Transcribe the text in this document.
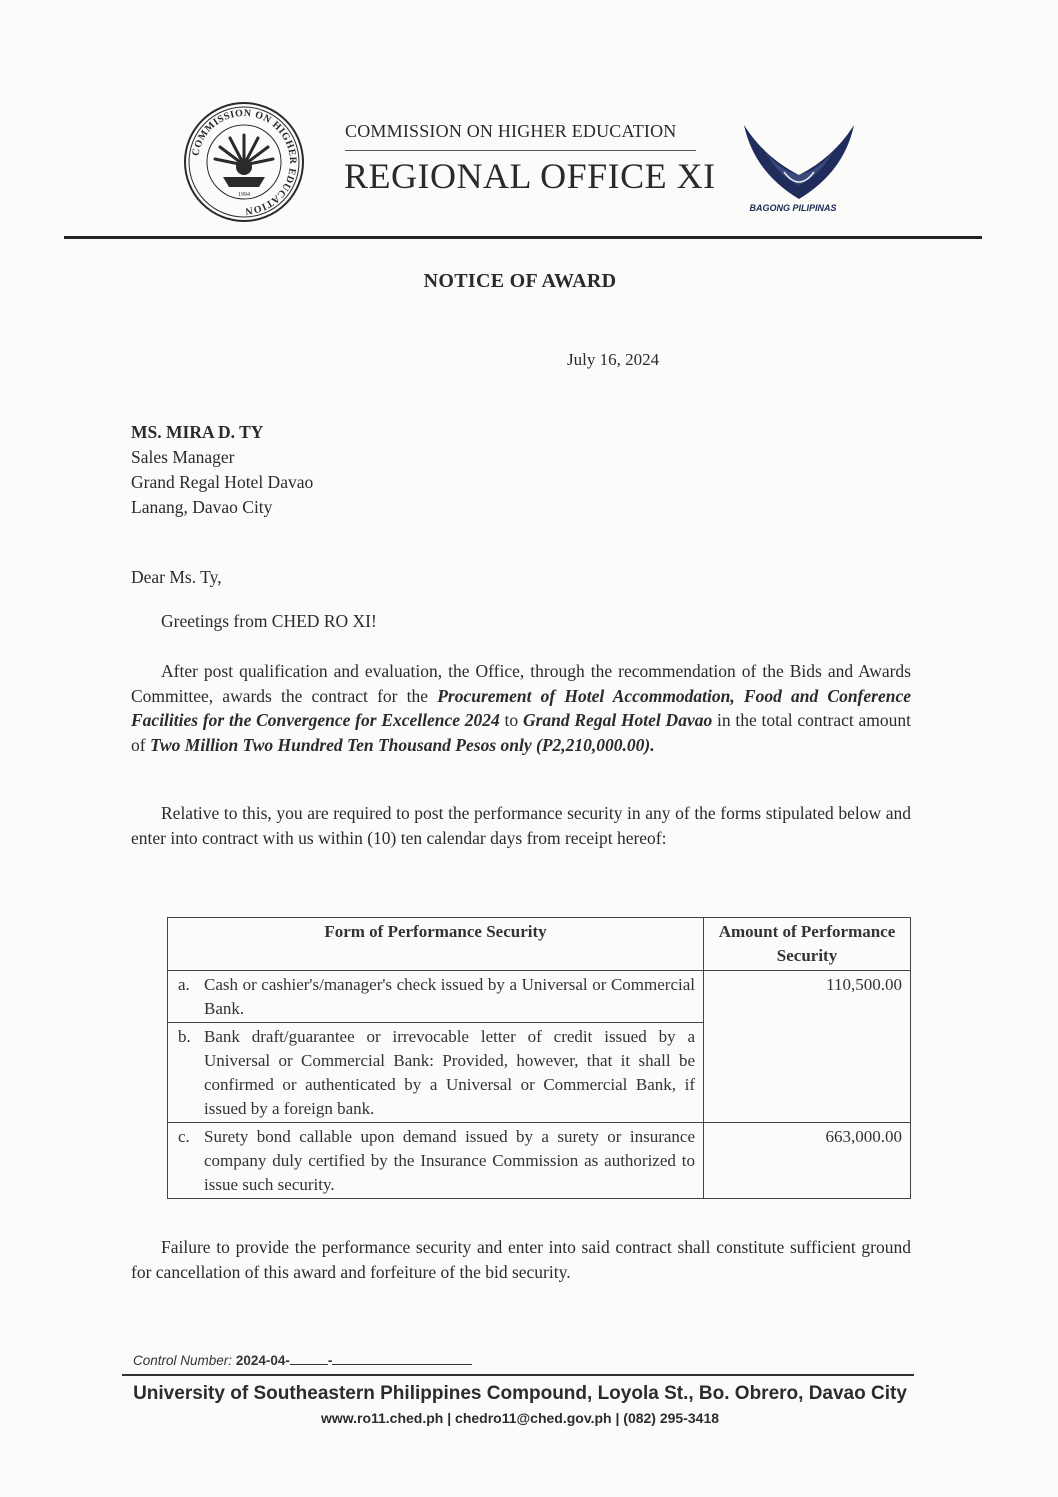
COMMISSION ON HIGHER EDUCATION
1994
COMMISSION ON HIGHER EDUCATION
REGIONAL OFFICE XI
BAGONG PILIPINAS
NOTICE OF AWARD
July 16, 2024
MS. MIRA D. TY
Sales Manager
Grand Regal Hotel Davao
Lanang, Davao City
Dear Ms. Ty,
Greetings from CHED RO XI!
After post qualification and evaluation, the Office, through the recommendation of the Bids and Awards Committee, awards the contract for the Procurement of Hotel Accommodation, Food and Conference Facilities for the Convergence for Excellence 2024 to Grand Regal Hotel Davao in the total contract amount of Two Million Two Hundred Ten Thousand Pesos only (P2,210,000.00).
Relative to this, you are required to post the performance security in any of the forms stipulated below and enter into contract with us within (10) ten calendar days from receipt hereof:
Form of Performance Security	Amount of Performance Security

a. Cash or cashier's/manager's check issued by a Universal or Commercial Bank.	110,500.00

b. Bank draft/guarantee or irrevocable letter of credit issued by a Universal or Commercial Bank: Provided, however, that it shall be confirmed or authenticated by a Universal or Commercial Bank, if issued by a foreign bank.	

c. Surety bond callable upon demand issued by a surety or insurance company duly certified by the Insurance Commission as authorized to issue such security.	663,000.00
Failure to provide the performance security and enter into said contract shall constitute sufficient ground for cancellation of this award and forfeiture of the bid security.
Control Number: 2024-04-	-
University of Southeastern Philippines Compound, Loyola St., Bo. Obrero, Davao City
www.ro11.ched.ph | chedro11@ched.gov.ph | (082) 295-3418
